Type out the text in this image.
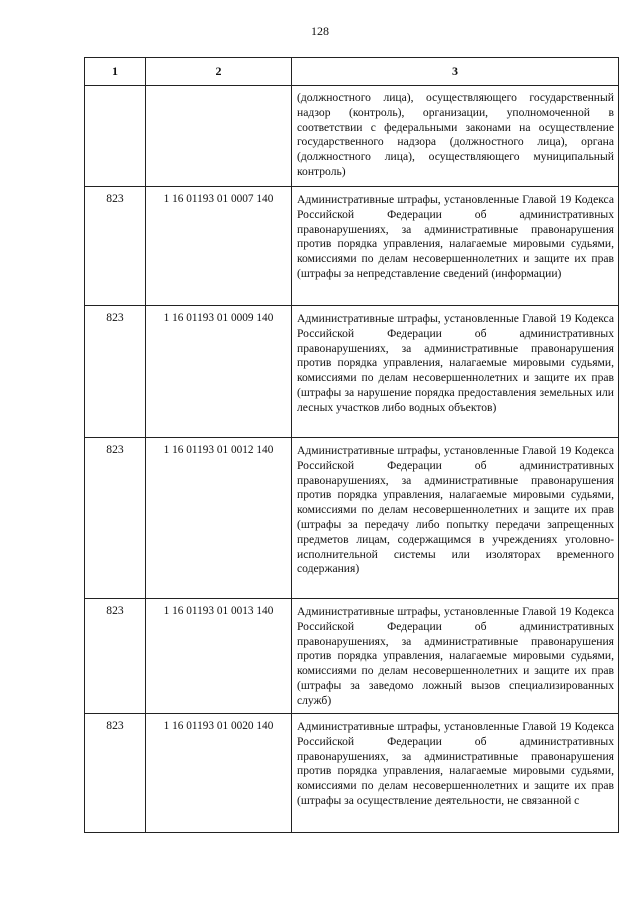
128
1	2	3

		(должностного лица), осуществляющего государственный надзор (контроль), организации, уполномоченной в соответствии с федеральными законами на осуществление государственного надзора (должностного лица), органа (должностного лица), осуществляющего муниципальный контроль)

823	1 16 01193 01 0007 140	Административные штрафы, установленные Главой 19 Кодекса Российской Федерации об административных правонарушениях, за административные правонарушения против порядка управления, налагаемые мировыми судьями, комиссиями по делам несовершеннолетних и защите их прав (штрафы за непредставление сведений (информации)

823	1 16 01193 01 0009 140	Административные штрафы, установленные Главой 19 Кодекса Российской Федерации об административных правонарушениях, за административные правонарушения против порядка управления, налагаемые мировыми судьями, комиссиями по делам несовершеннолетних и защите их прав (штрафы за нарушение порядка предоставления земельных или лесных участков либо водных объектов)

823	1 16 01193 01 0012 140	Административные штрафы, установленные Главой 19 Кодекса Российской Федерации об административных правонарушениях, за административные правонарушения против порядка управления, налагаемые мировыми судьями, комиссиями по делам несовершеннолетних и защите их прав (штрафы за передачу либо попытку передачи запрещенных предметов лицам, содержащимся в учреждениях уголовно-исполнительной системы или изоляторах временного содержания)

823	1 16 01193 01 0013 140	Административные штрафы, установленные Главой 19 Кодекса Российской Федерации об административных правонарушениях, за административные правонарушения против порядка управления, налагаемые мировыми судьями, комиссиями по делам несовершеннолетних и защите их прав (штрафы за заведомо ложный вызов специализированных служб)

823	1 16 01193 01 0020 140	Административные штрафы, установленные Главой 19 Кодекса Российской Федерации об административных правонарушениях, за административные правонарушения против порядка управления, налагаемые мировыми судьями, комиссиями по делам несовершеннолетних и защите их прав (штрафы за осуществление деятельности, не связанной с
